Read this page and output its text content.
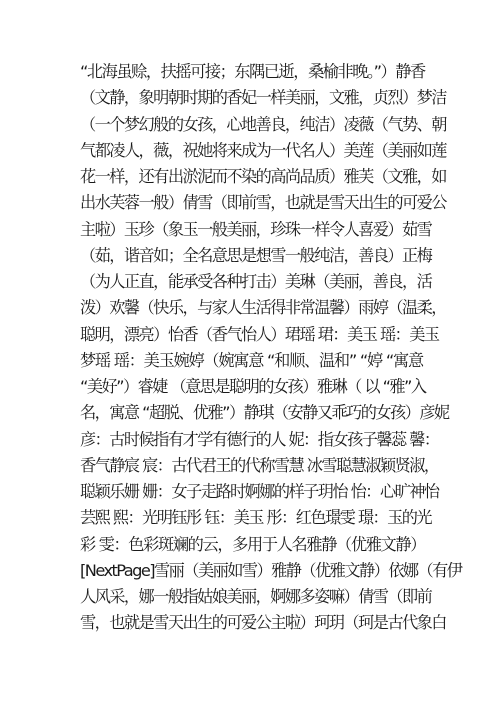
“北海虽赊，扶摇可接；东隅已逝，桑榆非晚。”）静香
（文静，象明朝时期的香妃一样美丽，文雅，贞烈）梦洁
（一个梦幻般的女孩，心地善良，纯洁）凌薇（气势、朝
气都凌人，薇，祝她将来成为一代名人）美莲（美丽如莲
花一样，还有出淤泥而不染的高尚品质）雅芙（文雅，如
出水芙蓉一般）倩雪（即前雪，也就是雪天出生的可爱公
主啦）玉珍（象玉一般美丽，珍珠一样令人喜爱）茹雪
（茹，谐音如；全名意思是想雪一般纯洁，善良）正梅
（为人正直，能承受各种打击）美琳（美丽，善良，活
泼）欢馨（快乐，与家人生活得非常温馨）雨婷（温柔，
聪明，漂亮）怡香（香气怡人）珺瑶 珺：美玉 瑶：美玉
梦瑶 瑶：美玉婉婷（婉寓意 “和顺、温和” “婷 “寓意
“美好”）睿婕 （意思是聪明的女孩）雅琳（ 以 “雅”入
名，寓意 “超脱、优雅”）静琪（安静又乖巧的女孩）彦妮
彦：古时候指有才学有德行的人 妮：指女孩子馨蕊 馨：
香气静宸 宸：古代君王的代称雪慧 冰雪聪慧淑颖贤淑，
聪颖乐姗 姗：女子走路时婀娜的样子玥怡 怡：心旷神怡
芸熙 熙：光明钰彤 钰：美玉 彤：红色璟雯 璟：玉的光
彩 雯：色彩斑斓的云，多用于人名雅静（优雅文静）
[NextPage]雪丽（美丽如雪）雅静（优雅文静）依娜（有伊
人风采，娜一般指姑娘美丽，婀娜多姿嘛）倩雪（即前
雪，也就是雪天出生的可爱公主啦）珂玥（珂是古代象白
